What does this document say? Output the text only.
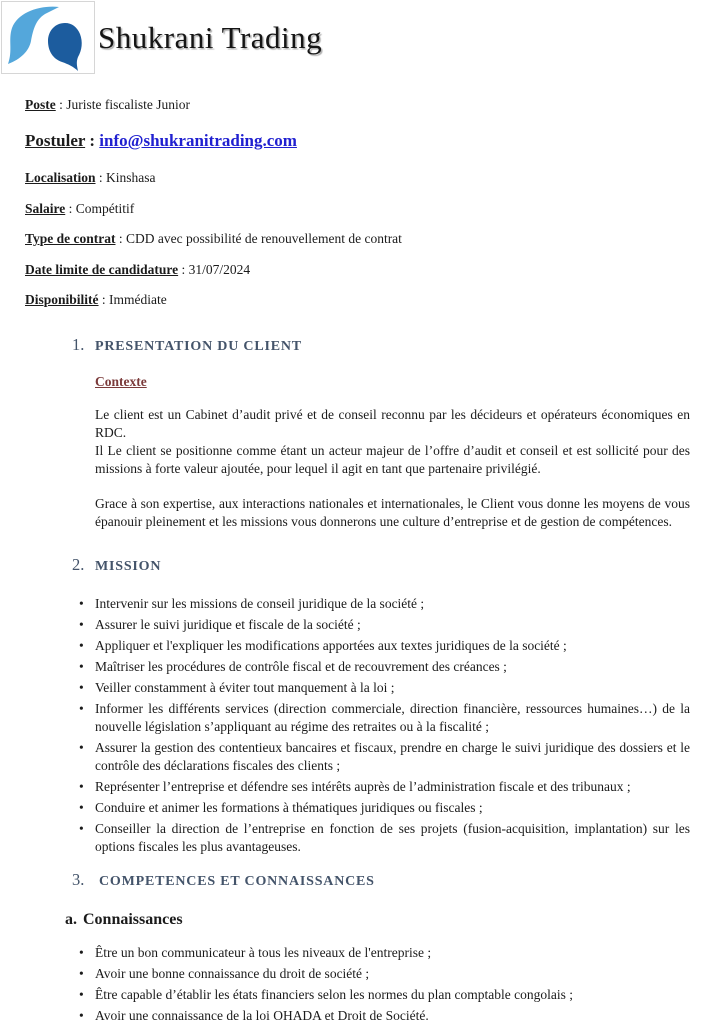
Shukrani Trading

Poste : Juriste fiscaliste Junior

Postuler : info@shukranitrading.com

Localisation : Kinshasa

Salaire : Compétitif

Type de contrat : CDD avec possibilité de renouvellement de contrat

Date limite de candidature : 31/07/2024

Disponibilité : Immédiate

1. PRESENTATION DU CLIENT

Contexte

Le client est un Cabinet d’audit privé et de conseil reconnu par les décideurs et opérateurs économiques en RDC.

Il Le client se positionne comme étant un acteur majeur de l’offre d’audit et conseil et est sollicité pour des missions à forte valeur ajoutée, pour lequel il agit en tant que partenaire privilégié.

Grace à son expertise, aux interactions nationales et internationales, le Client vous donne les moyens de vous épanouir pleinement et les missions vous donnerons une culture d’entreprise et de gestion de compétences.

2. MISSION
• Intervenir sur les missions de conseil juridique de la société ;
• Assurer le suivi juridique et fiscale de la société ;
• Appliquer et l'expliquer les modifications apportées aux textes juridiques de la société ;
• Maîtriser les procédures de contrôle fiscal et de recouvrement des créances ;
• Veiller constamment à éviter tout manquement à la loi ;
• Informer les différents services (direction commerciale, direction financière, ressources humaines…) de la nouvelle législation s’appliquant au régime des retraites ou à la fiscalité ;
• Assurer la gestion des contentieux bancaires et fiscaux, prendre en charge le suivi juridique des dossiers et le contrôle des déclarations fiscales des clients ;
• Représenter l’entreprise et défendre ses intérêts auprès de l’administration fiscale et des tribunaux ;
• Conduire et animer les formations à thématiques juridiques ou fiscales ;
• Conseiller la direction de l’entreprise en fonction de ses projets (fusion-acquisition, implantation) sur les options fiscales les plus avantageuses.
3.	COMPETENCES ET CONNAISSANCES
a. Connaissances
• Être un bon communicateur à tous les niveaux de l'entreprise ;
• Avoir une bonne connaissance du droit de société ;
• Être capable d’établir les états financiers selon les normes du plan comptable congolais ;
• Avoir une connaissance de la loi OHADA et Droit de Société.
